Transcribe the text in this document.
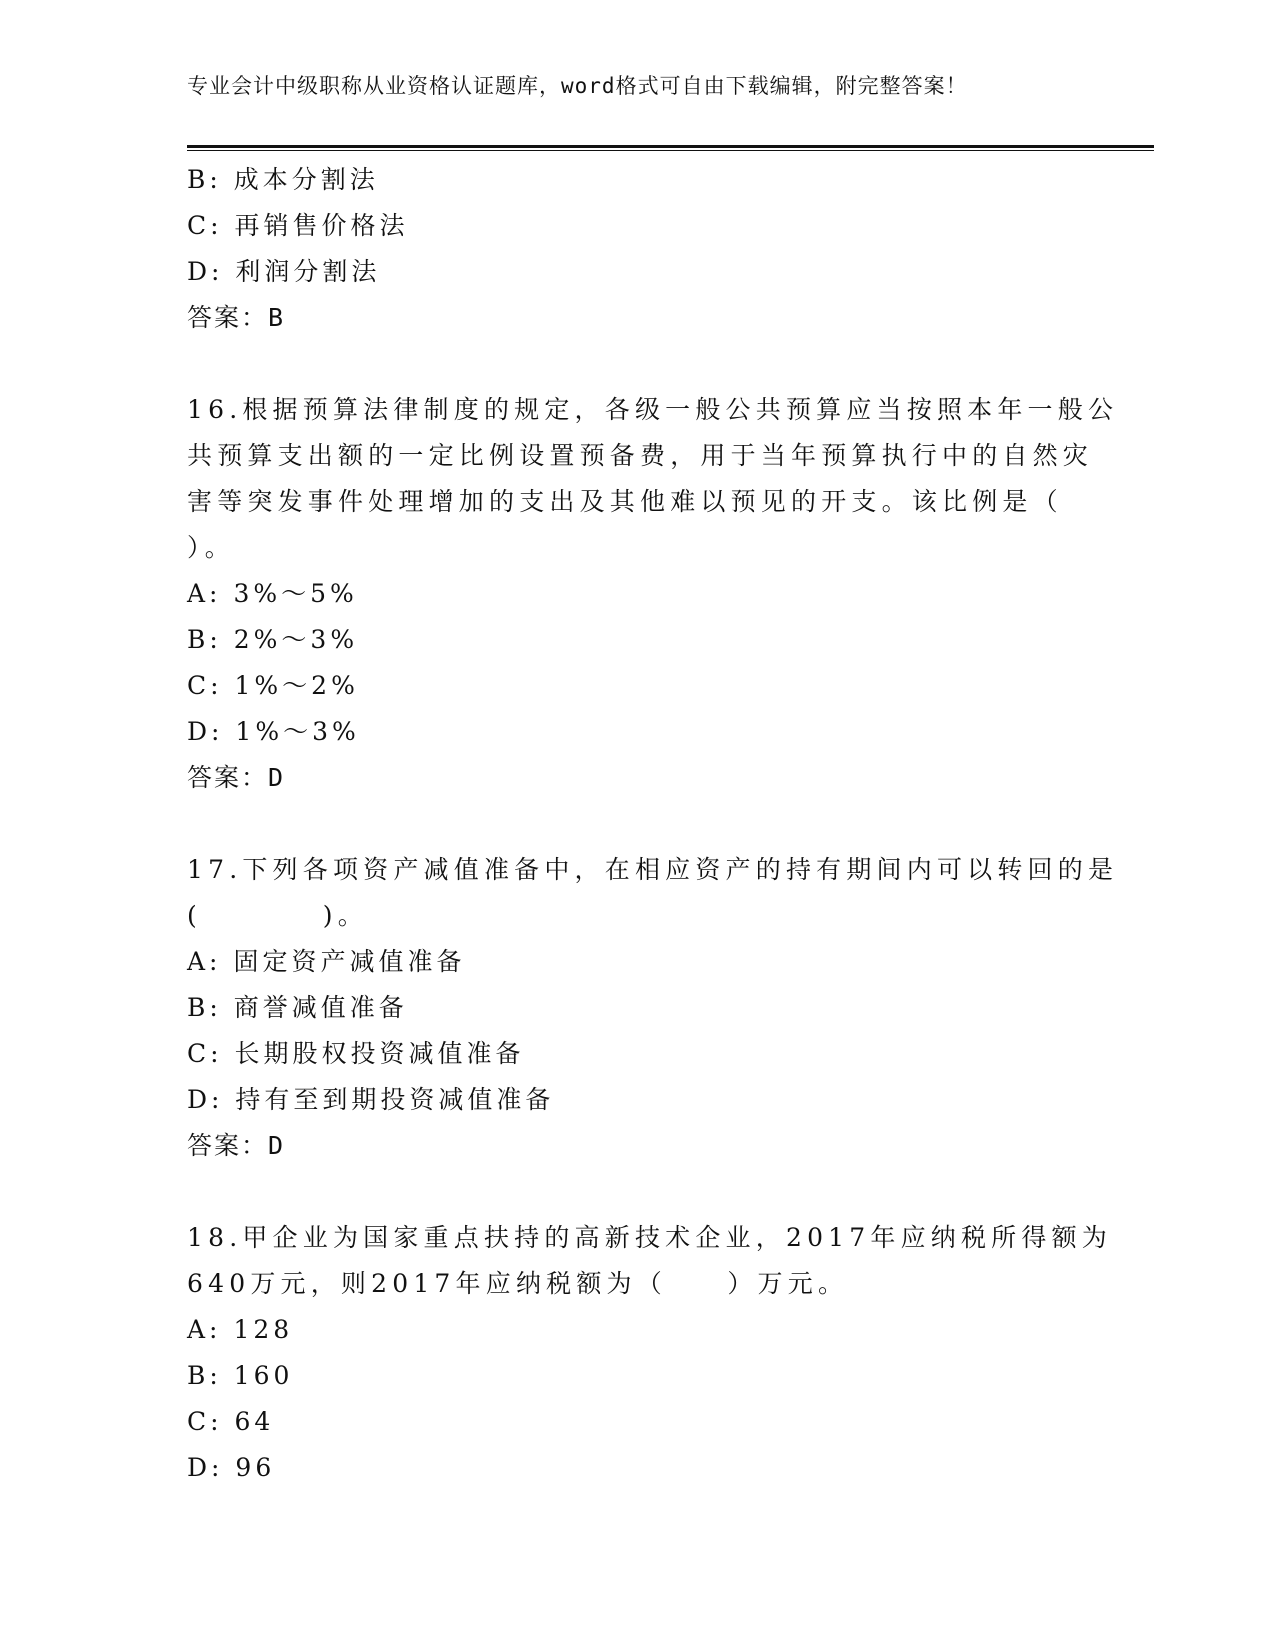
专业会计中级职称从业资格认证题库，word格式可自由下载编辑，附完整答案！
B: 成本分割法
C: 再销售价格法
D: 利润分割法
答案：B
16.根据预算法律制度的规定，各级一般公共预算应当按照本年一般公
共预算支出额的一定比例设置预备费，用于当年预算执行中的自然灾
害等突发事件处理增加的支出及其他难以预见的开支。该比例是（
）。
A: 3%～5%
B: 2%～3%
C: 1%～2%
D: 1%～3%
答案：D
17.下列各项资产减值准备中，在相应资产的持有期间内可以转回的是
(　　　　)。
A: 固定资产减值准备
B: 商誉减值准备
C: 长期股权投资减值准备
D: 持有至到期投资减值准备
答案：D
18.甲企业为国家重点扶持的高新技术企业，2017年应纳税所得额为
640万元，则2017年应纳税额为（　　）万元。
A: 128
B: 160
C: 64
D: 96
